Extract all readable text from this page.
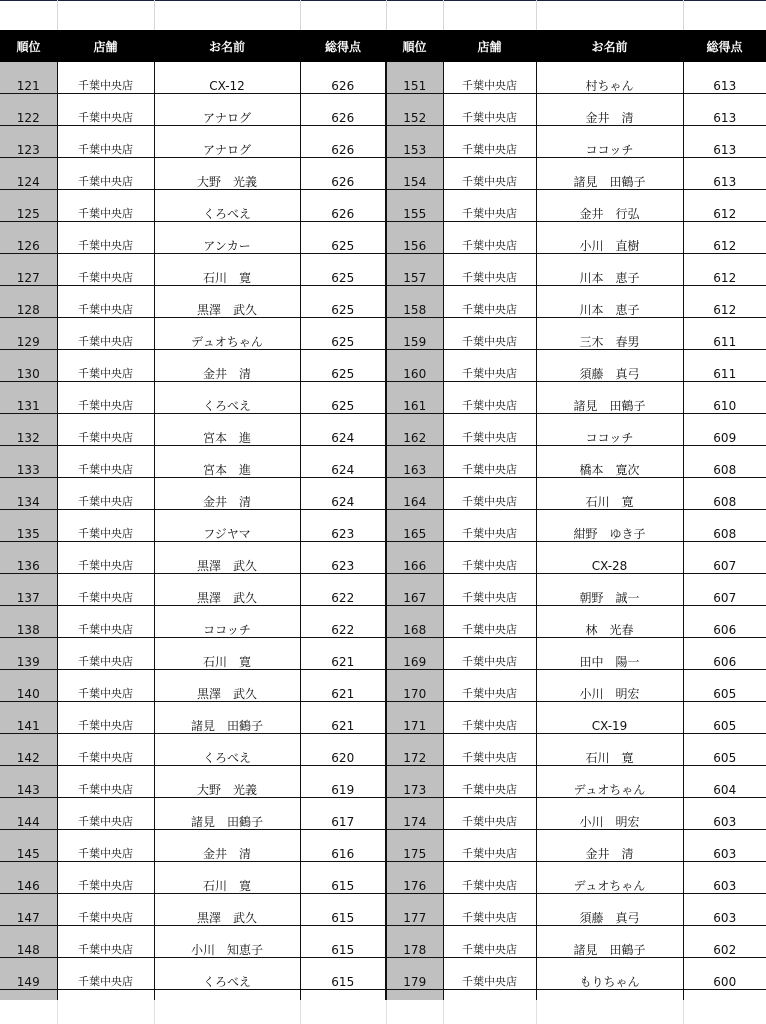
順位	店舗	お名前	総得点	順位	店舗	お名前	総得点
121	千葉中央店	CX-12	626	151	千葉中央店	村ちゃん	613
122	千葉中央店	アナログ	626	152	千葉中央店	金井　清	613
123	千葉中央店	アナログ	626	153	千葉中央店	ココッチ	613
124	千葉中央店	大野　光義	626	154	千葉中央店	諸見　田鶴子	613
125	千葉中央店	くろべえ	626	155	千葉中央店	金井　行弘	612
126	千葉中央店	アンカー	625	156	千葉中央店	小川　直樹	612
127	千葉中央店	石川　寛	625	157	千葉中央店	川本　恵子	612
128	千葉中央店	黒澤　武久	625	158	千葉中央店	川本　恵子	612
129	千葉中央店	デュオちゃん	625	159	千葉中央店	三木　春男	611
130	千葉中央店	金井　清	625	160	千葉中央店	須藤　真弓	611
131	千葉中央店	くろべえ	625	161	千葉中央店	諸見　田鶴子	610
132	千葉中央店	宮本　進	624	162	千葉中央店	ココッチ	609
133	千葉中央店	宮本　進	624	163	千葉中央店	橋本　寛次	608
134	千葉中央店	金井　清	624	164	千葉中央店	石川　寛	608
135	千葉中央店	フジヤマ	623	165	千葉中央店	紺野　ゆき子	608
136	千葉中央店	黒澤　武久	623	166	千葉中央店	CX-28	607
137	千葉中央店	黒澤　武久	622	167	千葉中央店	朝野　誠一	607
138	千葉中央店	ココッチ	622	168	千葉中央店	林　光春	606
139	千葉中央店	石川　寛	621	169	千葉中央店	田中　陽一	606
140	千葉中央店	黒澤　武久	621	170	千葉中央店	小川　明宏	605
141	千葉中央店	諸見　田鶴子	621	171	千葉中央店	CX-19	605
142	千葉中央店	くろべえ	620	172	千葉中央店	石川　寛	605
143	千葉中央店	大野　光義	619	173	千葉中央店	デュオちゃん	604
144	千葉中央店	諸見　田鶴子	617	174	千葉中央店	小川　明宏	603
145	千葉中央店	金井　清	616	175	千葉中央店	金井　清	603
146	千葉中央店	石川　寛	615	176	千葉中央店	デュオちゃん	603
147	千葉中央店	黒澤　武久	615	177	千葉中央店	須藤　真弓	603
148	千葉中央店	小川　知恵子	615	178	千葉中央店	諸見　田鶴子	602
149	千葉中央店	くろべえ	615	179	千葉中央店	もりちゃん	600
